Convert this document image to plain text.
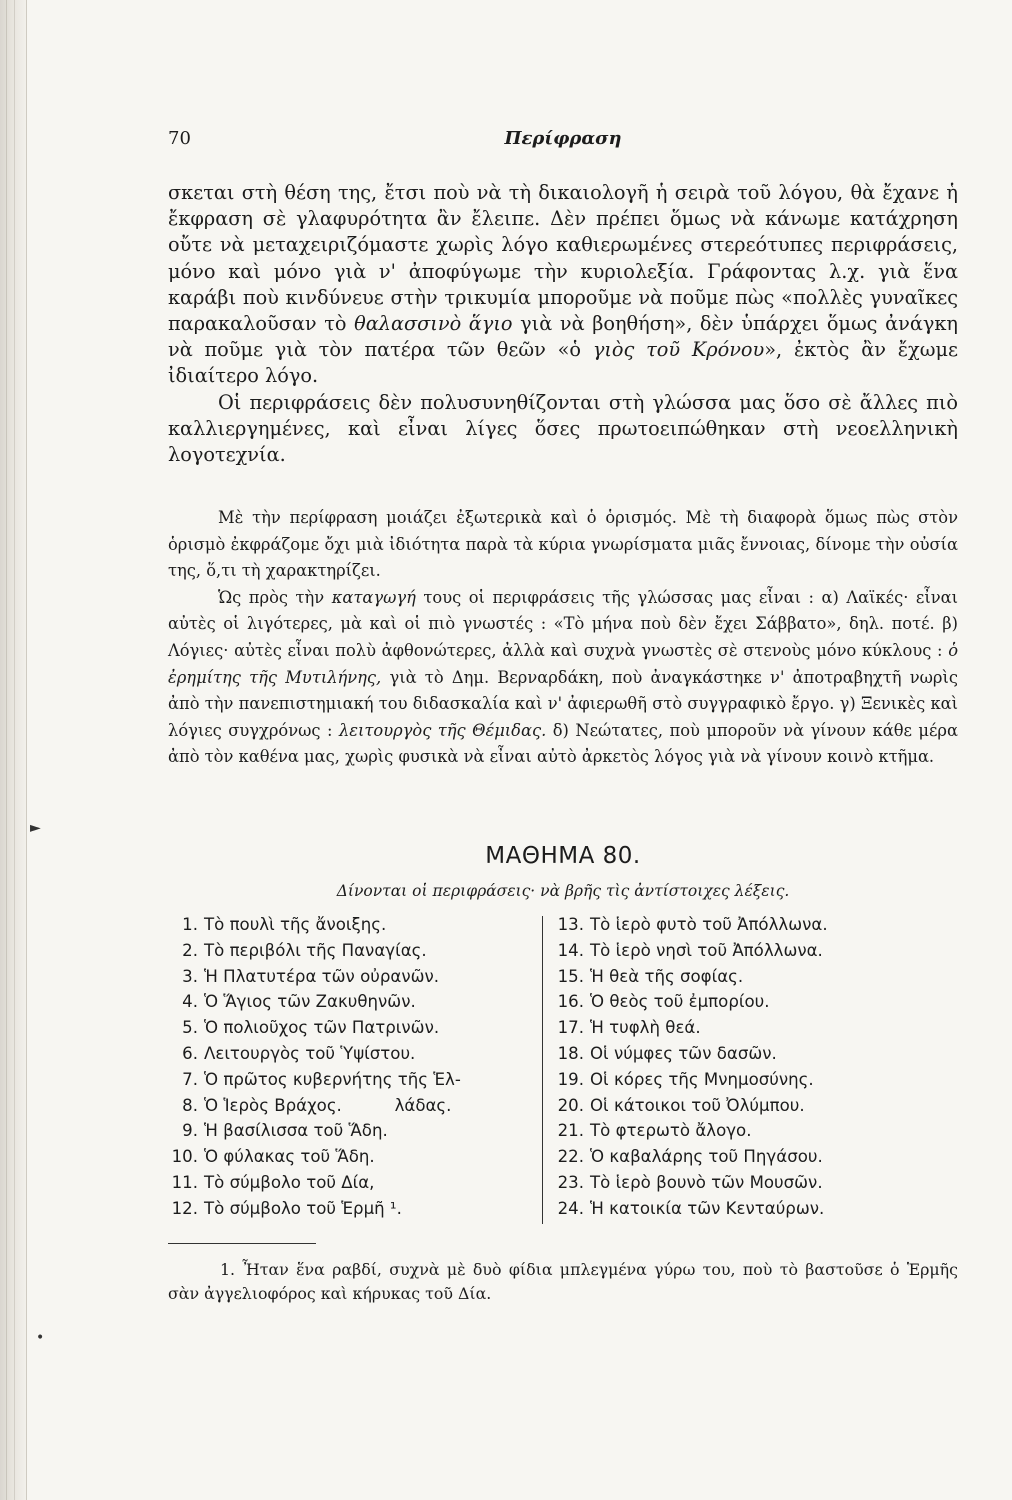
70	Περίφραση

σκεται στὴ θέση της, ἔτσι ποὺ νὰ τὴ δικαιολογῆ ἡ σειρὰ τοῦ λόγου, θὰ ἔχανε ἡ ἔκφραση σὲ γλαφυρότητα ἂν ἔλειπε. Δὲν πρέπει ὅμως νὰ κάνωμε κατάχρηση οὔτε νὰ μεταχειριζόμαστε χωρὶς λόγο καθιερωμένες στερεότυπες περιφράσεις, μόνο καὶ μόνο γιὰ ν' ἀποφύγωμε τὴν κυριολεξία. Γράφοντας λ.χ. γιὰ ἕνα καράβι ποὺ κινδύνευε στὴν τρικυμία μποροῦμε νὰ ποῦμε πὼς «πολλὲς γυναῖκες παρακαλοῦσαν τὸ θαλασσινὸ ἅγιο γιὰ νὰ βοηθήση», δὲν ὑπάρχει ὅμως ἀνάγκη νὰ ποῦμε γιὰ τὸν πατέρα τῶν θεῶν «ὁ γιὸς τοῦ Κρόνου», ἐκτὸς ἂν ἔχωμε ἰδιαίτερο λόγο.

Οἱ περιφράσεις δὲν πολυσυνηθίζονται στὴ γλώσσα μας ὅσο σὲ ἄλλες πιὸ καλλιεργημένες, καὶ εἶναι λίγες ὅσες πρωτοειπώθηκαν στὴ νεοελληνικὴ λογοτεχνία.

Μὲ τὴν περίφραση μοιάζει ἐξωτερικὰ καὶ ὁ ὁρισμός. Μὲ τὴ διαφορὰ ὅμως πὼς στὸν ὁρισμὸ ἐκφράζομε ὄχι μιὰ ἰδιότητα παρὰ τὰ κύρια γνωρίσματα μιᾶς ἔννοιας, δίνομε τὴν οὐσία της, ὅ,τι τὴ χαρακτηρίζει.

Ὡς πρὸς τὴν καταγωγή τους οἱ περιφράσεις τῆς γλώσσας μας εἶναι : α) Λαϊκές· εἶναι αὐτὲς οἱ λιγότερες, μὰ καὶ οἱ πιὸ γνωστές : «Τὸ μήνα ποὺ δὲν ἔχει Σάββατο», δηλ. ποτέ. β) Λόγιες· αὐτὲς εἶναι πολὺ ἀφθονώτερες, ἀλλὰ καὶ συχνὰ γνωστὲς σὲ στενοὺς μόνο κύκλους : ὁ ἐρημίτης τῆς Μυτιλήνης, γιὰ τὸ Δημ. Βερναρδάκη, ποὺ ἀναγκάστηκε ν' ἀποτραβηχτῆ νωρὶς ἀπὸ τὴν πανεπιστημιακή του διδασκαλία καὶ ν' ἀφιερωθῆ στὸ συγγραφικὸ ἔργο. γ) Ξενικὲς καὶ λόγιες συγχρόνως : λειτουργὸς τῆς Θέμιδας. δ) Νεώτατες, ποὺ μποροῦν νὰ γίνουν κάθε μέρα ἀπὸ τὸν καθένα μας, χωρὶς φυσικὰ νὰ εἶναι αὐτὸ ἀρκετὸς λόγος γιὰ νὰ γίνουν κοινὸ κτῆμα.

ΜΑΘΗΜΑ 80.
Δίνονται οἱ περιφράσεις· νὰ βρῆς τὶς ἀντίστοιχες λέξεις.
1. Τὸ πουλὶ τῆς ἄνοιξης.
2. Τὸ περιβόλι τῆς Παναγίας.
3. Ἡ Πλατυτέρα τῶν οὐρανῶν.
4. Ὁ Ἅγιος τῶν Ζακυθηνῶν.
5. Ὁ πολιοῦχος τῶν Πατρινῶν.
6. Λειτουργὸς τοῦ Ὑψίστου.
7. Ὁ πρῶτος κυβερνήτης τῆς Ἑλ-
8. Ὁ Ἱερὸς Βράχος.          λάδας.
9. Ἡ βασίλισσα τοῦ Ἅδη.
10. Ὁ φύλακας τοῦ Ἅδη.
11. Τὸ σύμβολο τοῦ Δία,
12. Τὸ σύμβολο τοῦ Ἑρμῆ ¹.
13. Τὸ ἱερὸ φυτὸ τοῦ Ἀπόλλωνα.
14. Τὸ ἱερὸ νησὶ τοῦ Ἀπόλλωνα.
15. Ἡ θεὰ τῆς σοφίας.
16. Ὁ θεὸς τοῦ ἐμπορίου.
17. Ἡ τυφλὴ θεά.
18. Οἱ νύμφες τῶν δασῶν.
19. Οἱ κόρες τῆς Μνημοσύνης.
20. Οἱ κάτοικοι τοῦ Ὀλύμπου.
21. Τὸ φτερωτὸ ἄλογο.
22. Ὁ καβαλάρης τοῦ Πηγάσου.
23. Τὸ ἱερὸ βουνὸ τῶν Μουσῶν.
24. Ἡ κατοικία τῶν Κενταύρων.

1. Ἦταν ἕνα ραβδί, συχνὰ μὲ δυὸ φίδια μπλεγμένα γύρω του, ποὺ τὸ βαστοῦσε ὁ Ἑρμῆς σὰν ἀγγελιοφόρος καὶ κήρυκας τοῦ Δία.

►
•
